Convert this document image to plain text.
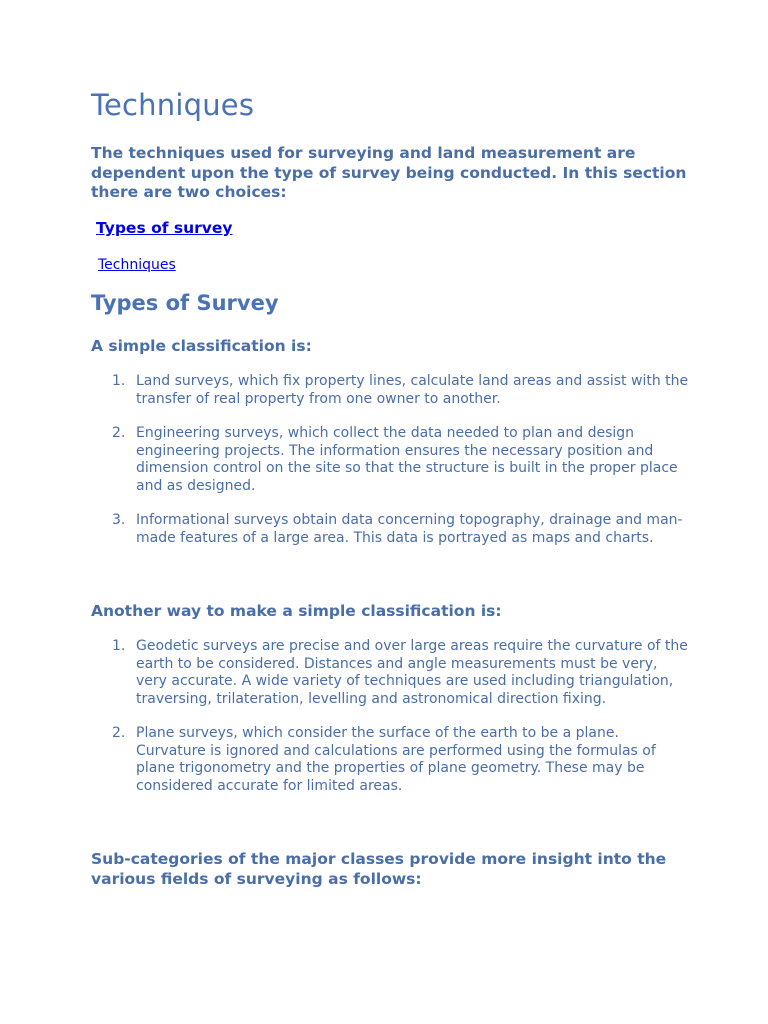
Techniques

The techniques used for surveying and land measurement are dependent upon the type of survey being conducted. In this section there are two choices:

Types of survey
Techniques
Types of Survey

A simple classification is:

1. Land surveys, which fix property lines, calculate land areas and assist with the transfer of real property from one owner to another.
2. Engineering surveys, which collect the data needed to plan and design engineering projects. The information ensures the necessary position and dimension control on the site so that the structure is built in the proper place and as designed.
3. Informational surveys obtain data concerning topography, drainage and man-made features of a large area. This data is portrayed as maps and charts.

Another way to make a simple classification is:

1. Geodetic surveys are precise and over large areas require the curvature of the earth to be considered. Distances and angle measurements must be very, very accurate. A wide variety of techniques are used including triangulation, traversing, trilateration, levelling and astronomical direction fixing.
2. Plane surveys, which consider the surface of the earth to be a plane. Curvature is ignored and calculations are performed using the formulas of plane trigonometry and the properties of plane geometry. These may be considered accurate for limited areas.

Sub-categories of the major classes provide more insight into the various fields of surveying as follows:
